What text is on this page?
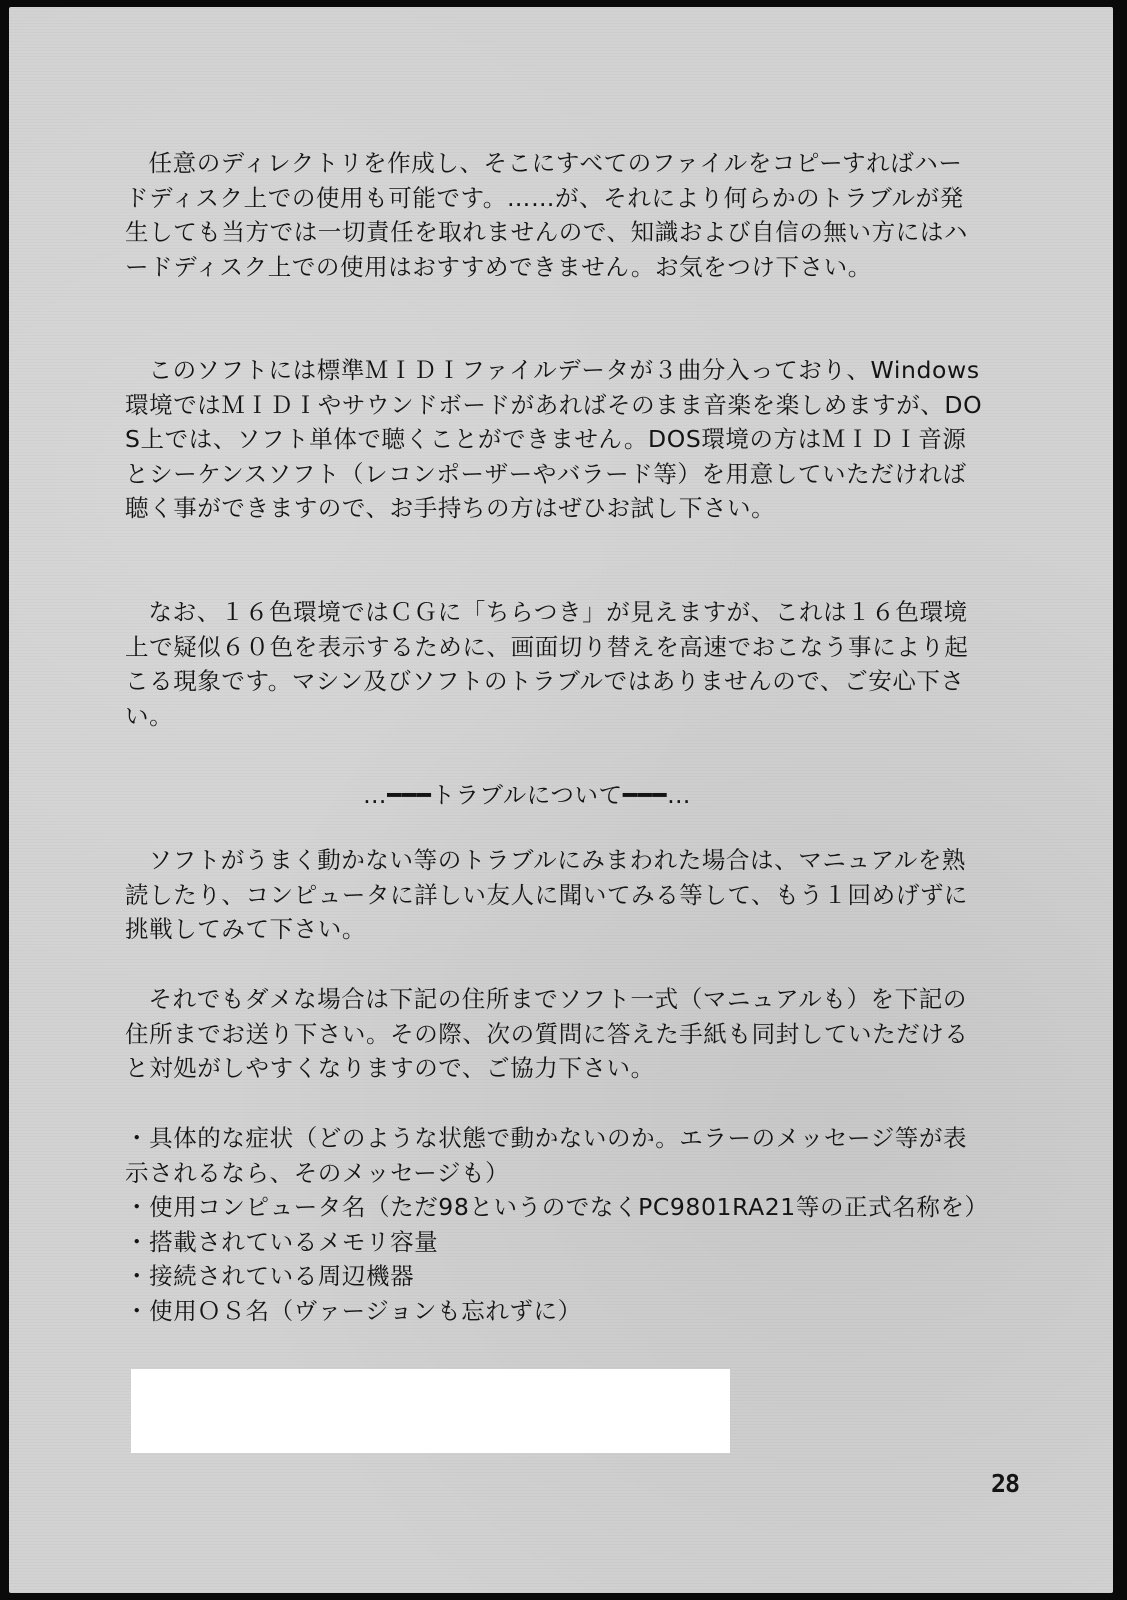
任意のディレクトリを作成し、そこにすべてのファイルをコピーすればハードディスク上での使用も可能です。……が、それにより何らかのトラブルが発生しても当方では一切責任を取れませんので、知識および自信の無い方にはハードディスク上での使用はおすすめできません。お気をつけ下さい。
このソフトには標準ＭＩＤＩファイルデータが３曲分入っており、Windows環境ではＭＩＤＩやサウンドボードがあればそのまま音楽を楽しめますが、DOS上では、ソフト単体で聴くことができません。DOS環境の方はＭＩＤＩ音源とシーケンスソフト（レコンポーザーやバラード等）を用意していただければ聴く事ができますので、お手持ちの方はぜひお試し下さい。
なお、１６色環境ではＣＧに「ちらつき」が見えますが、これは１６色環境上で疑似６０色を表示するために、画面切り替えを高速でおこなう事により起こる現象です。マシン及びソフトのトラブルではありませんので、ご安心下さい。
…━━━トラブルについて━━━…
ソフトがうまく動かない等のトラブルにみまわれた場合は、マニュアルを熟読したり、コンピュータに詳しい友人に聞いてみる等して、もう１回めげずに挑戦してみて下さい。
それでもダメな場合は下記の住所までソフト一式（マニュアルも）を下記の住所までお送り下さい。その際、次の質問に答えた手紙も同封していただけると対処がしやすくなりますので、ご協力下さい。
・具体的な症状（どのような状態で動かないのか。エラーのメッセージ等が表示されるなら、そのメッセージも）
・使用コンピュータ名（ただ98というのでなくPC9801RA21等の正式名称を）
・搭載されているメモリ容量
・接続されている周辺機器
・使用ＯＳ名（ヴァージョンも忘れずに）
28
